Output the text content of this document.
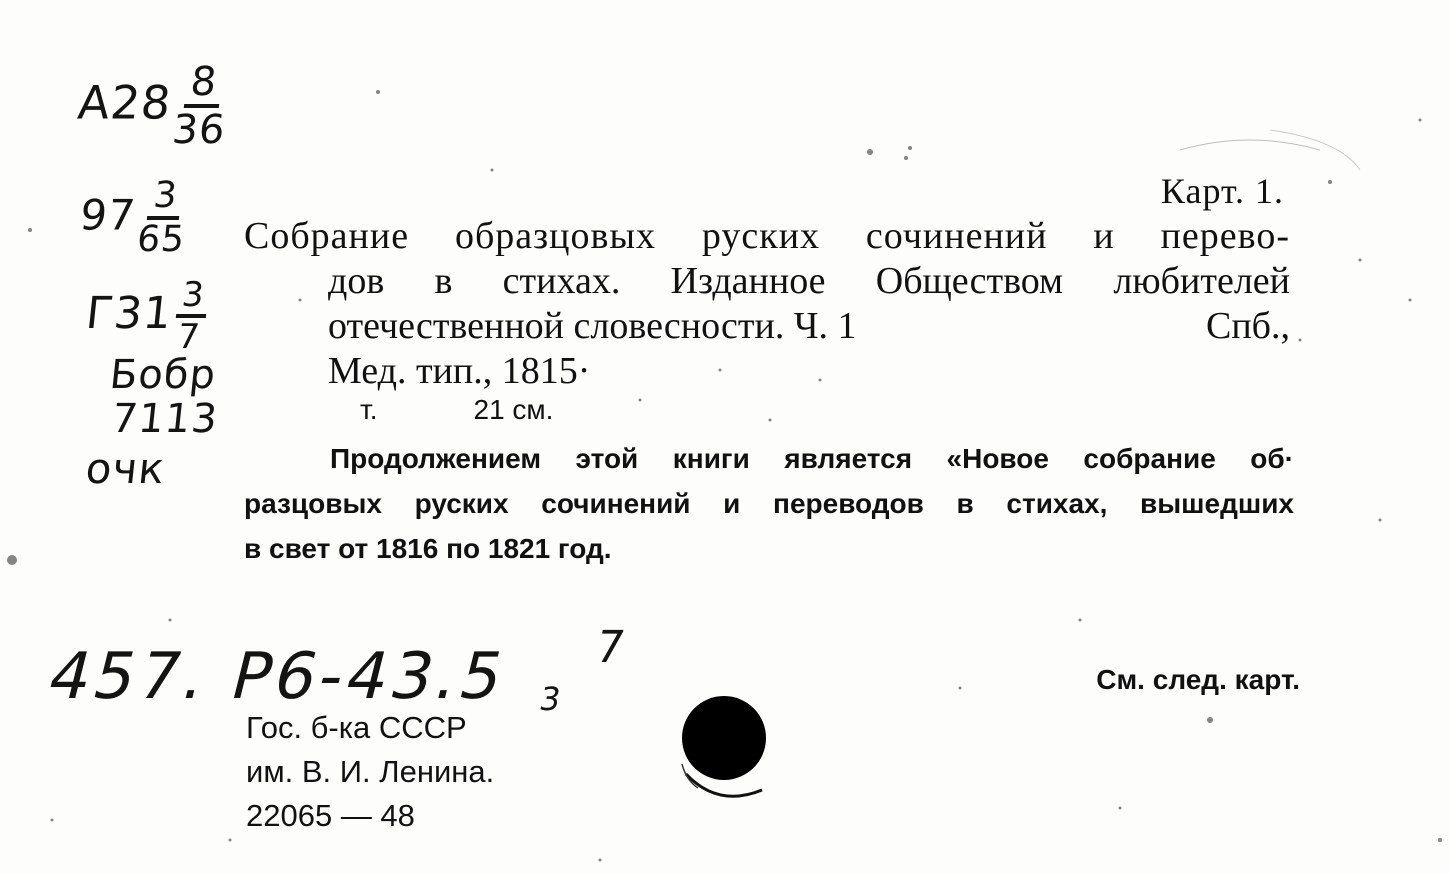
A28
$\frac{8}{36}$
97
$\frac{3}{65}$
Г31
$\frac{3}{7}$
Бобр
7113
очк
Карт. 1.
Собрание образцовых руских сочинений и перево-
дов в стихах. Изданное Обществом любителей
отечественной словесности. Ч. 1	Спб.,
Мед. тип., 1815·
т.	21 см.
Продолжением этой книги является «Новое собрание об·
разцовых руских сочинений и переводов в стихах, вышедших
в свет от 1816 по 1821 год.
457. Р6-43.5 7
3
См. след. карт.
Гос. б-ка СССР
им. В. И. Ленина.
22065 — 48
